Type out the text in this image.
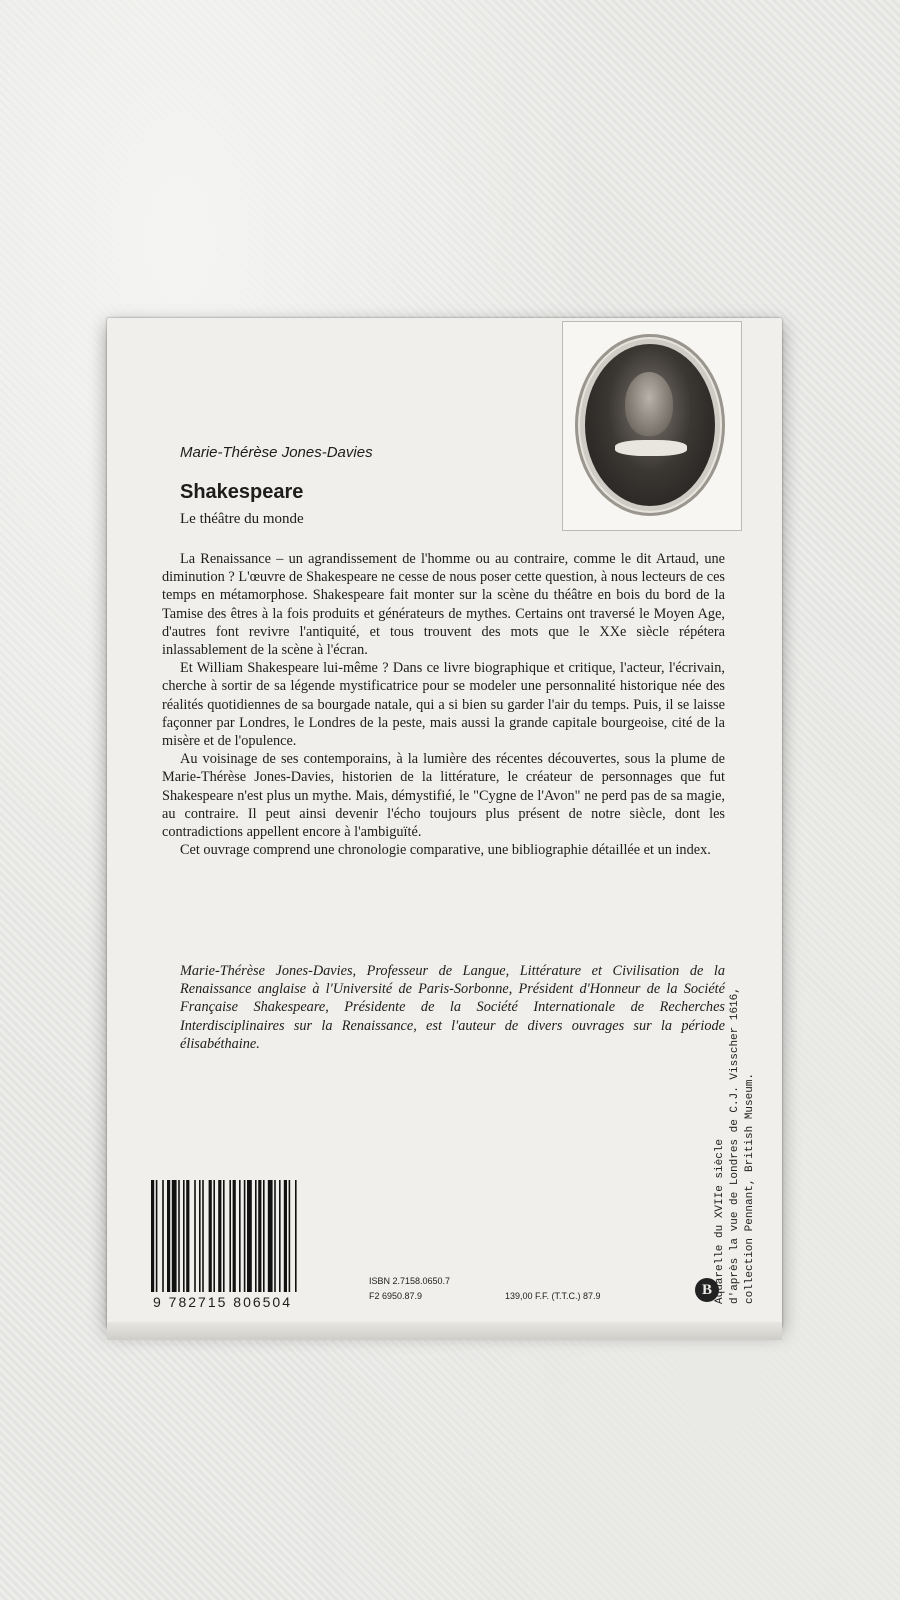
Marie-Thérèse Jones-Davies
Shakespeare
Le théâtre du monde

La Renaissance – un agrandissement de l'homme ou au contraire, comme le dit Artaud, une diminution ? L'œuvre de Shakespeare ne cesse de nous poser cette question, à nous lecteurs de ces temps en métamorphose. Shakespeare fait monter sur la scène du théâtre en bois du bord de la Tamise des êtres à la fois produits et générateurs de mythes. Certains ont traversé le Moyen Age, d'autres font revivre l'antiquité, et tous trouvent des mots que le XXe siècle répétera inlassablement de la scène à l'écran.

Et William Shakespeare lui-même ? Dans ce livre biographique et critique, l'acteur, l'écrivain, cherche à sortir de sa légende mystificatrice pour se modeler une personnalité historique née des réalités quotidiennes de sa bourgade natale, qui a si bien su garder l'air du temps. Puis, il se laisse façonner par Londres, le Londres de la peste, mais aussi la grande capitale bourgeoise, cité de la misère et de l'opulence.

Au voisinage de ses contemporains, à la lumière des récentes découvertes, sous la plume de Marie-Thérèse Jones-Davies, historien de la littérature, le créateur de personnages que fut Shakespeare n'est plus un mythe. Mais, démystifié, le "Cygne de l'Avon" ne perd pas de sa magie, au contraire. Il peut ainsi devenir l'écho toujours plus présent de notre siècle, dont les contradictions appellent encore à l'ambiguïté.

Cet ouvrage comprend une chronologie comparative, une bibliographie détaillée et un index.

Marie-Thérèse Jones-Davies, Professeur de Langue, Littérature et Civilisation de la Renaissance anglaise à l'Université de Paris-Sorbonne, Président d'Honneur de la Société Française Shakespeare, Présidente de la Société Internationale de Recherches Interdisciplinaires sur la Renaissance, est l'auteur de divers ouvrages sur la période élisabéthaine.
9 782715 806504
ISBN 2.7158.0650.7
F2 6950.87.9	139,00 F.F. (T.T.C.) 87.9	B Aquarelle du XVIIe siècle d'après la vue de Londres de C.J. Visscher 1616, collection Pennant, British Museum.
